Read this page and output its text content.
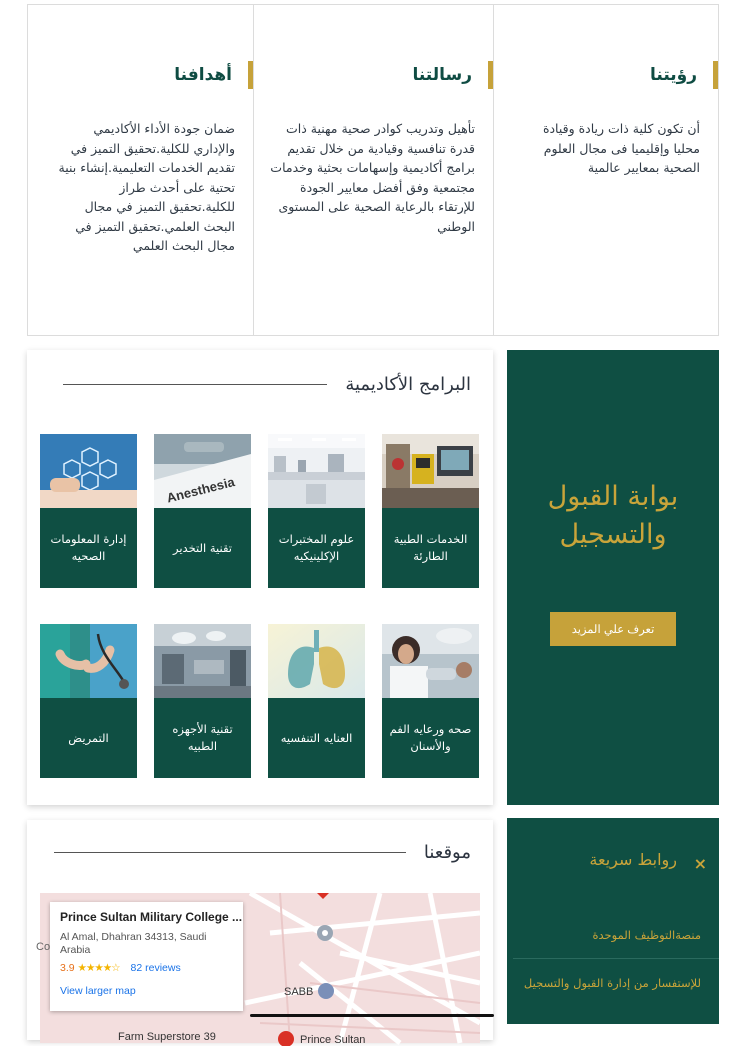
أهدافنا
ضمان جودة الأداء الأكاديمي والإداري للكلية.تحقيق التميز في تقديم الخدمات التعليمية.إنشاء بنية تحتية على أحدث طراز للكلية.تحقيق التميز في مجال البحث العلمي.تحقيق التميز في مجال البحث العلمي
رسالتنا
تأهيل وتدريب كوادر صحية مهنية ذات قدرة تنافسية وقيادية من خلال تقديم برامج أكاديمية وإسهامات بحثية وخدمات مجتمعية وفق أفضل معايير الجودة للإرتقاء بالرعاية الصحية على المستوى الوطني
رؤيتنا
أن تكون كلية ذات ريادة وقيادة محليا وإقليميا فى مجال العلوم الصحية بمعايير عالمية
البرامج الأكاديمية
الخدمات الطبية الطارئة
علوم المختبرات الإكلينيكيه
Anesthesia
تقنية التخدير
إدارة المعلومات الصحيه
صحه ورعايه الفم والأسنان
العنايه التنفسيه
تقنية الأجهزه الطبيه
التمريض
بوابة القبول والتسجيل
تعرف علي المزيد
موقعنا
SABB
Farm Superstore 39	Prince Sultan
Co
Prince Sultan Military College ...
Al Amal, Dhahran 34313, Saudi Arabia
3.9 ★★★★☆ 82 reviews
View larger map
روابط سريعة ×
منصةالتوظيف الموحدة
للإستفسار من إدارة القبول والتسجيل
